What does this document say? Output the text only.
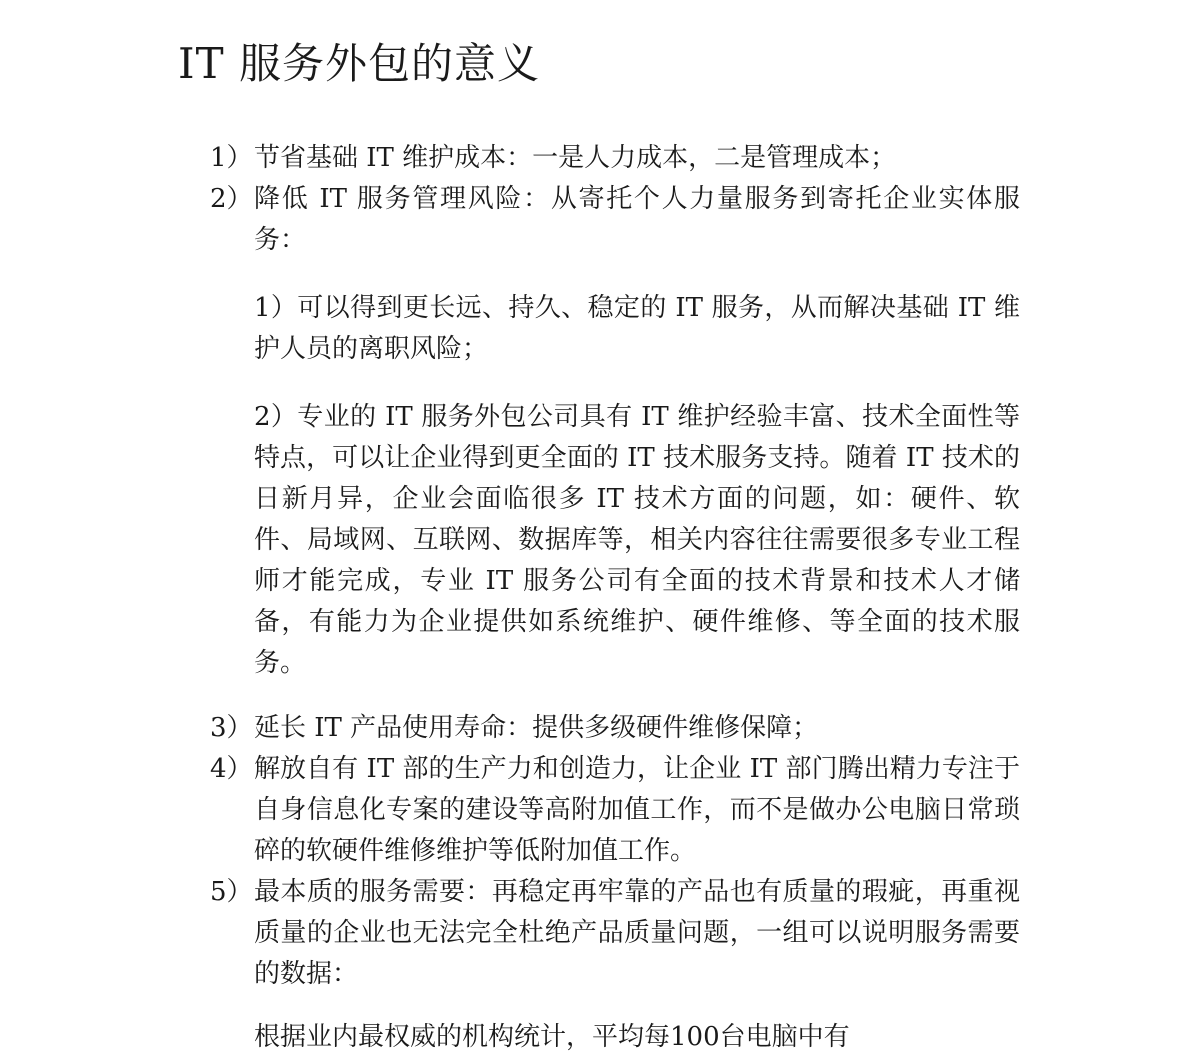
IT 服务外包的意义
1） 节省基础 IT 维护成本：一是人力成本，二是管理成本；
2） 降低 IT 服务管理风险：从寄托个人力量服务到寄托企业实体服务：

1）可以得到更长远、持久、稳定的 IT 服务，从而解决基础 IT 维护人员的离职风险；

2）专业的 IT 服务外包公司具有 IT 维护经验丰富、技术全面性等特点，可以让企业得到更全面的 IT 技术服务支持。随着 IT 技术的日新月异，企业会面临很多 IT 技术方面的问题，如：硬件、软件、局域网、互联网、数据库等，相关内容往往需要很多专业工程师才能完成，专业 IT 服务公司有全面的技术背景和技术人才储备，有能力为企业提供如系统维护、硬件维修、等全面的技术服务。

3） 延长 IT 产品使用寿命：提供多级硬件维修保障；
4） 解放自有 IT 部的生产力和创造力，让企业 IT 部门腾出精力专注于自身信息化专案的建设等高附加值工作，而不是做办公电脑日常琐碎的软硬件维修维护等低附加值工作。
5） 最本质的服务需要：再稳定再牢靠的产品也有质量的瑕疵，再重视质量的企业也无法完全杜绝产品质量问题，一组可以说明服务需要的数据：
根据业内最权威的机构统计，平均每100台电脑中有
